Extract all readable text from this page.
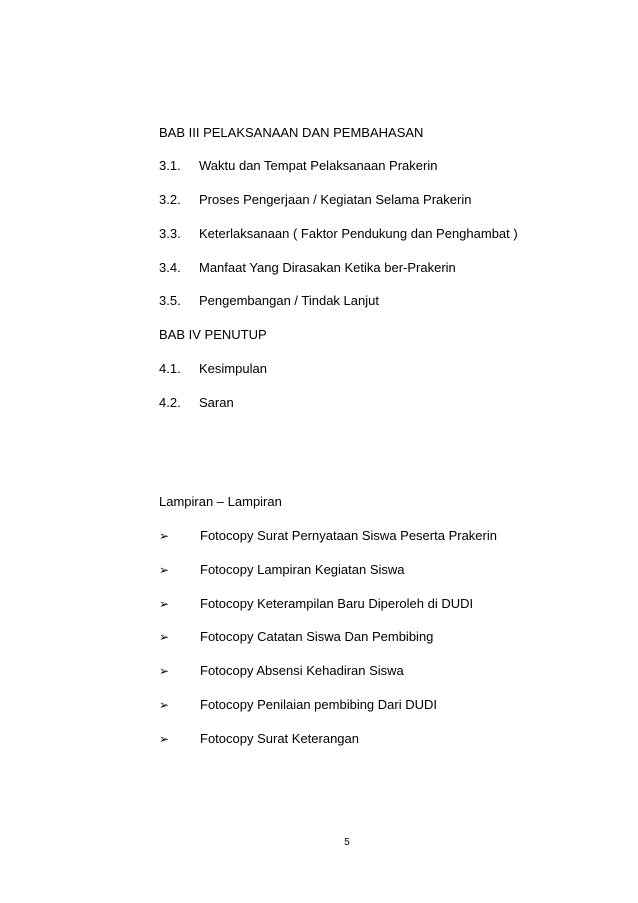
BAB III PELAKSANAAN DAN PEMBAHASAN
3.1. Waktu dan Tempat Pelaksanaan Prakerin
3.2. Proses Pengerjaan / Kegiatan Selama Prakerin
3.3. Keterlaksanaan ( Faktor Pendukung dan Penghambat )
3.4. Manfaat Yang Dirasakan Ketika ber-Prakerin
3.5. Pengembangan / Tindak Lanjut
BAB IV PENUTUP
4.1. Kesimpulan
4.2. Saran
Lampiran – Lampiran
➢ Fotocopy Surat Pernyataan Siswa Peserta Prakerin
➢ Fotocopy Lampiran Kegiatan Siswa
➢ Fotocopy Keterampilan Baru Diperoleh di DUDI
➢ Fotocopy Catatan Siswa Dan Pembibing
➢ Fotocopy Absensi Kehadiran Siswa
➢ Fotocopy Penilaian pembibing Dari DUDI
➢ Fotocopy Surat Keterangan
5
